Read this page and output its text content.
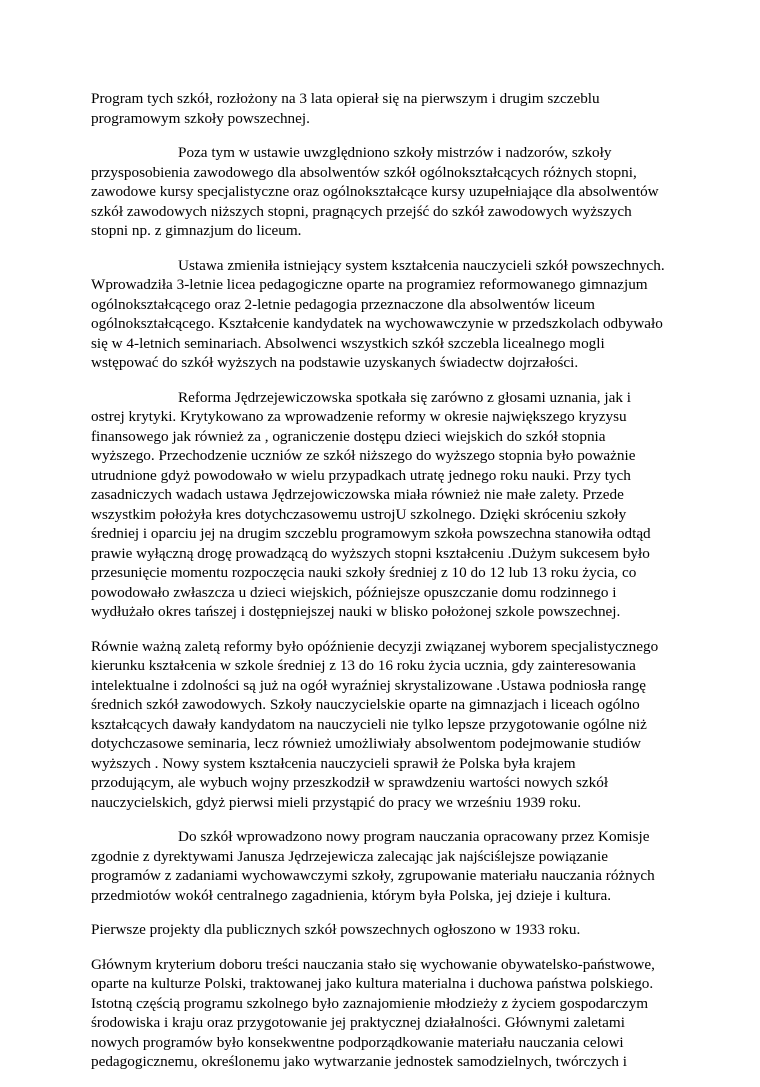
Program tych szkół, rozłożony na 3 lata opierał się na pierwszym i drugim szczeblu
programowym szkoły powszechnej.

Poza tym w ustawie uwzględniono szkoły mistrzów i nadzorów, szkoły
przysposobienia zawodowego dla absolwentów szkół ogólnokształcących różnych stopni,
zawodowe kursy specjalistyczne oraz ogólnokształcące kursy uzupełniające dla absolwentów
szkół zawodowych niższych stopni, pragnących przejść do szkół zawodowych wyższych
stopni np. z gimnazjum do liceum.

Ustawa zmieniła istniejący system kształcenia nauczycieli szkół powszechnych.
Wprowadziła 3-letnie licea pedagogiczne oparte na programiez reformowanego gimnazjum
ogólnokształcącego oraz 2-letnie pedagogia przeznaczone dla absolwentów liceum
ogólnokształcącego. Kształcenie kandydatek na wychowawczynie w przedszkolach odbywało
się w 4-letnich seminariach. Absolwenci wszystkich szkół szczebla licealnego mogli
wstępować do szkół wyższych na podstawie uzyskanych świadectw dojrzałości.

Reforma Jędrzejewiczowska spotkała się zarówno z głosami uznania, jak i
ostrej krytyki. Krytykowano za wprowadzenie reformy w okresie największego kryzysu
finansowego jak również za , ograniczenie dostępu dzieci wiejskich do szkół stopnia
wyższego. Przechodzenie uczniów ze szkół niższego do wyższego stopnia było poważnie
utrudnione gdyż powodowało w wielu przypadkach utratę jednego roku nauki. Przy tych
zasadniczych wadach ustawa Jędrzejowiczowska miała również nie małe zalety. Przede
wszystkim położyła kres dotychczasowemu ustrojU szkolnego. Dzięki skróceniu szkoły
średniej i oparciu jej na drugim szczeblu programowym szkoła powszechna stanowiła odtąd
prawie wyłączną drogę prowadzącą do wyższych stopni kształceniu .Dużym sukcesem było
przesunięcie momentu rozpoczęcia nauki szkoły średniej z 10 do 12 lub 13 roku życia, co
powodowało zwłaszcza u dzieci wiejskich, późniejsze opuszczanie domu rodzinnego i
wydłużało okres tańszej i dostępniejszej nauki w blisko położonej szkole powszechnej.

Równie ważną zaletą reformy było opóźnienie decyzji związanej wyborem specjalistycznego
kierunku kształcenia w szkole średniej z 13 do 16 roku życia ucznia, gdy zainteresowania
intelektualne i zdolności są już na ogół wyraźniej skrystalizowane .Ustawa podniosła rangę
średnich szkół zawodowych. Szkoły nauczycielskie oparte na gimnazjach i liceach ogólno
kształcących dawały kandydatom na nauczycieli nie tylko lepsze przygotowanie ogólne niż
dotychczasowe seminaria, lecz również umożliwiały absolwentom podejmowanie studiów
wyższych . Nowy system kształcenia nauczycieli sprawił że Polska była krajem
przodującym, ale wybuch wojny przeszkodził w sprawdzeniu wartości nowych szkół
nauczycielskich, gdyż pierwsi mieli przystąpić do pracy we wrześniu 1939 roku.

Do szkół wprowadzono nowy program nauczania opracowany przez Komisje
zgodnie z dyrektywami Janusza Jędrzejewicza zalecając jak najściślejsze powiązanie
programów z zadaniami wychowawczymi szkoły, zgrupowanie materiału nauczania różnych
przedmiotów wokół centralnego zagadnienia, którym była Polska, jej dzieje i kultura.

Pierwsze projekty dla publicznych szkół powszechnych ogłoszono w 1933 roku.

Głównym kryterium doboru treści nauczania stało się wychowanie obywatelsko-państwowe,
oparte na kulturze Polski, traktowanej jako kultura materialna i duchowa państwa polskiego.
Istotną częścią programu szkolnego było zaznajomienie młodzieży z życiem gospodarczym
środowiska i kraju oraz przygotowanie jej praktycznej działalności. Głównymi zaletami
nowych programów było konsekwentne podporządkowanie materiału nauczania celowi
pedagogicznemu, określonemu jako wytwarzanie jednostek samodzielnych, twórczych i
